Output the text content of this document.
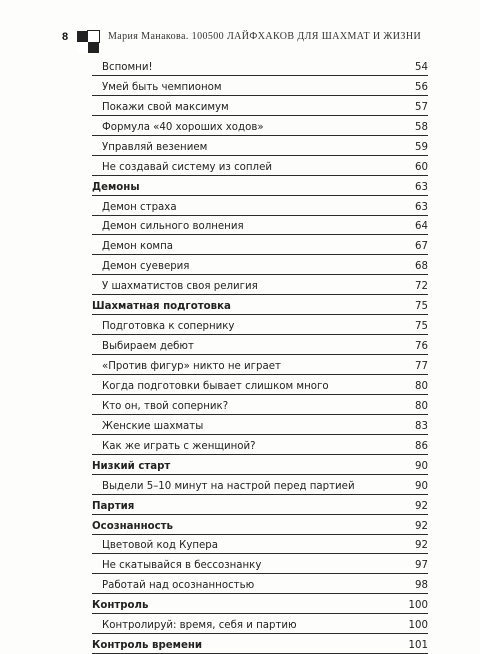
8	Мария Манакова. 100500 ЛАЙФХАКОВ ДЛЯ ШАХМАТ И ЖИЗНИ
Вспомни!	54
Умей быть чемпионом	56
Покажи свой максимум	57
Формула «40 хороших ходов»	58
Управляй везением	59
Не создавай систему из соплей	60
Демоны	63
Демон страха	63
Демон сильного волнения	64
Демон компа	67
Демон суеверия	68
У шахматистов своя религия	72
Шахматная подготовка	75
Подготовка к сопернику	75
Выбираем дебют	76
«Против фигур» никто не играет	77
Когда подготовки бывает слишком много	80
Кто он, твой соперник?	80
Женские шахматы	83
Как же играть с женщиной?	86
Низкий старт	90
Выдели 5–10 минут на настрой перед партией	90
Партия	92
Осознанность	92
Цветовой код Купера	92
Не скатывайся в бессознанку	97
Работай над осознанностью	98
Контроль	100
Контролируй: время, себя и партию	100
Контроль времени	101
